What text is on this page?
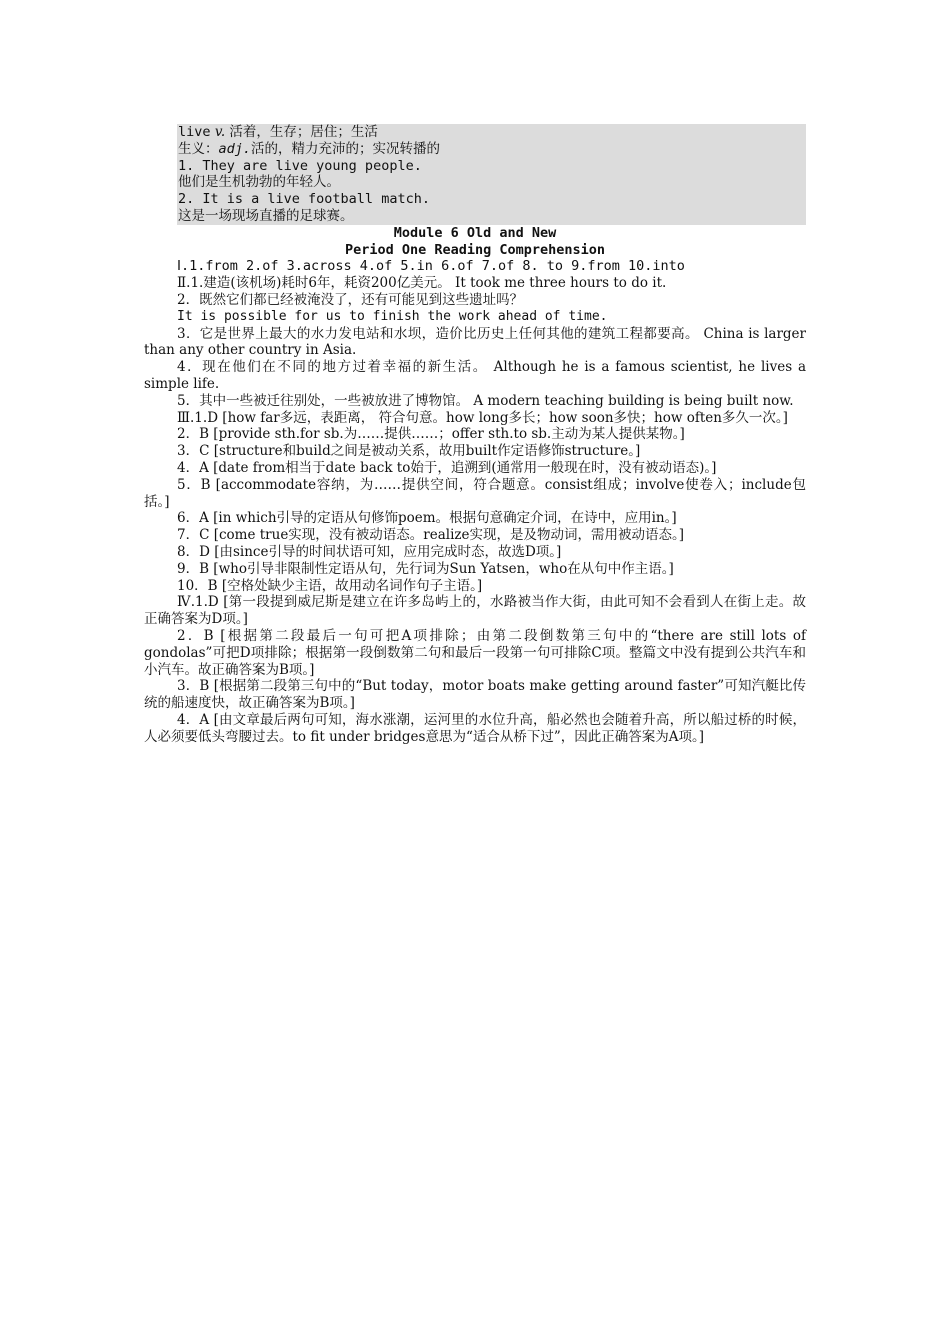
live v. 活着，生存；居住；生活
生义：adj.活的，精力充沛的；实况转播的
1. They are live young people.
他们是生机勃勃的年轻人。
2. It is a live football match.
这是一场现场直播的足球赛。
Module 6 Old and New
Period One Reading Comprehension
Ⅰ.1.from 2.of 3.across 4.of 5.in 6.of 7.of 8. to 9.from 10.into
Ⅱ.1.建造(该机场)耗时6年，耗资200亿美元。 It took me three hours to do it.
2．既然它们都已经被淹没了，还有可能见到这些遗址吗？
It is possible for us to finish the work ahead of time.
3．它是世界上最大的水力发电站和水坝，造价比历史上任何其他的建筑工程都要高。 China is larger than any other country in Asia.
4．现在他们在不同的地方过着幸福的新生活。 Although he is a famous scientist, he lives a simple life.
5．其中一些被迁往别处，一些被放进了博物馆。 A modern teaching building is being built now.
Ⅲ.1.D [how far多远，表距离， 符合句意。how long多长；how soon多快；how often多久一次。]
2．B [provide sth.for sb.为……提供……；offer sth.to sb.主动为某人提供某物。]
3．C [structure和build之间是被动关系，故用built作定语修饰structure。]
4．A [date from相当于date back to始于，追溯到(通常用一般现在时，没有被动语态)。]
5．B [accommodate容纳，为……提供空间，符合题意。consist组成；involve使卷入；include包括。]
6．A [in which引导的定语从句修饰poem。根据句意确定介词，在诗中，应用in。]
7．C [come true实现，没有被动语态。realize实现，是及物动词，需用被动语态。]
8．D [由since引导的时间状语可知，应用完成时态，故选D项。]
9．B [who引导非限制性定语从句，先行词为Sun Yatsen，who在从句中作主语。]
10．B [空格处缺少主语，故用动名词作句子主语。]
Ⅳ.1.D [第一段提到威尼斯是建立在许多岛屿上的，水路被当作大街，由此可知不会看到人在街上走。故正确答案为D项。]
2．B [根据第二段最后一句可把A项排除；由第二段倒数第三句中的“there are still lots of gondolas”可把D项排除；根据第一段倒数第二句和最后一段第一句可排除C项。整篇文中没有提到公共汽车和小汽车。故正确答案为B项。]
3．B [根据第二段第三句中的“But today，motor boats make getting around faster”可知汽艇比传统的船速度快，故正确答案为B项。]
4．A [由文章最后两句可知，海水涨潮，运河里的水位升高，船必然也会随着升高，所以船过桥的时候，人必须要低头弯腰过去。to fit under bridges意思为“适合从桥下过”，因此正确答案为A项。]
